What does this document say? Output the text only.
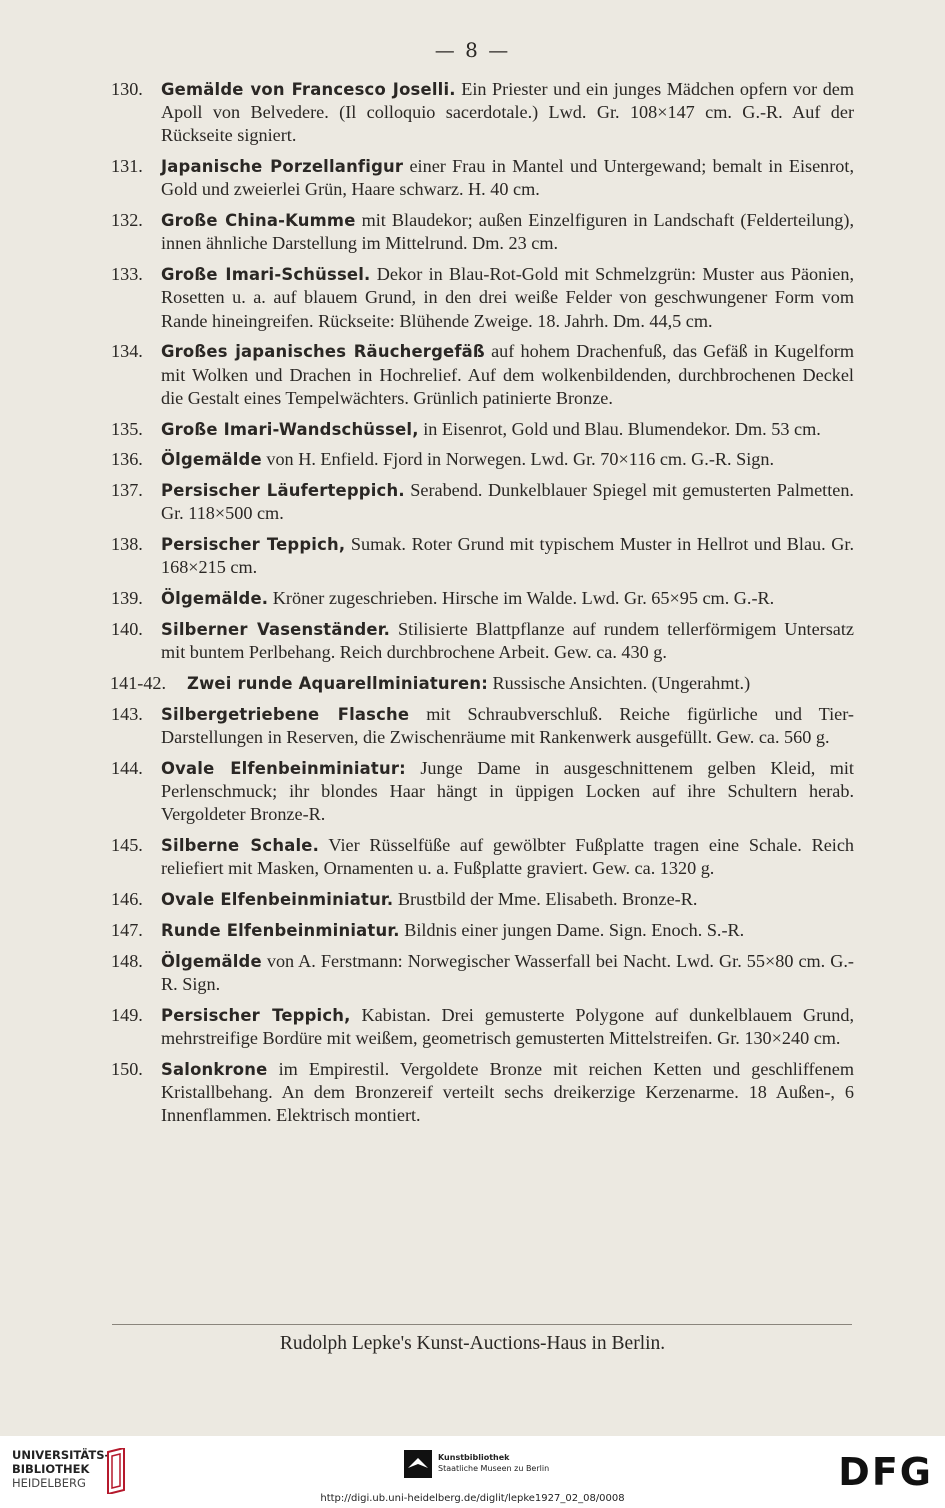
— 8 —
130. Gemälde von Francesco Joselli. Ein Priester und ein junges Mädchen opfern vor dem Apoll von Belvedere. (Il colloquio sacerdotale.) Lwd. Gr. 108×147 cm. G.-R. Auf der Rückseite signiert.
131. Japanische Porzellanfigur einer Frau in Mantel und Untergewand; bemalt in Eisenrot, Gold und zweierlei Grün, Haare schwarz. H. 40 cm.
132. Große China-Kumme mit Blaudekor; außen Einzelfiguren in Landschaft (Felderteilung), innen ähnliche Darstellung im Mittelrund. Dm. 23 cm.
133. Große Imari-Schüssel. Dekor in Blau-Rot-Gold mit Schmelzgrün: Muster aus Päonien, Rosetten u. a. auf blauem Grund, in den drei weiße Felder von geschwungener Form vom Rande hineingreifen. Rückseite: Blühende Zweige. 18. Jahrh. Dm. 44,5 cm.
134. Großes japanisches Räuchergefäß auf hohem Drachenfuß, das Gefäß in Kugelform mit Wolken und Drachen in Hochrelief. Auf dem wolkenbildenden, durchbrochenen Deckel die Gestalt eines Tempelwächters. Grünlich patinierte Bronze.
135. Große Imari-Wandschüssel, in Eisenrot, Gold und Blau. Blumendekor. Dm. 53 cm.
136. Ölgemälde von H. Enfield. Fjord in Norwegen. Lwd. Gr. 70×116 cm. G.-R. Sign.
137. Persischer Läuferteppich. Serabend. Dunkelblauer Spiegel mit gemusterten Palmetten. Gr. 118×500 cm.
138. Persischer Teppich, Sumak. Roter Grund mit typischem Muster in Hellrot und Blau. Gr. 168×215 cm.
139. Ölgemälde. Kröner zugeschrieben. Hirsche im Walde. Lwd. Gr. 65×95 cm. G.-R.
140. Silberner Vasenständer. Stilisierte Blattpflanze auf rundem tellerförmigem Untersatz mit buntem Perlbehang. Reich durchbrochene Arbeit. Gew. ca. 430 g.
141-42. Zwei runde Aquarellminiaturen: Russische Ansichten. (Ungerahmt.)
143. Silbergetriebene Flasche mit Schraubverschluß. Reiche figürliche und Tier-Darstellungen in Reserven, die Zwischenräume mit Rankenwerk ausgefüllt. Gew. ca. 560 g.
144. Ovale Elfenbeinminiatur: Junge Dame in ausgeschnittenem gelben Kleid, mit Perlenschmuck; ihr blondes Haar hängt in üppigen Locken auf ihre Schultern herab. Vergoldeter Bronze-R.
145. Silberne Schale. Vier Rüsselfüße auf gewölbter Fußplatte tragen eine Schale. Reich reliefiert mit Masken, Ornamenten u. a. Fußplatte graviert. Gew. ca. 1320 g.
146. Ovale Elfenbeinminiatur. Brustbild der Mme. Elisabeth. Bronze-R.
147. Runde Elfenbeinminiatur. Bildnis einer jungen Dame. Sign. Enoch. S.-R.
148. Ölgemälde von A. Ferstmann: Norwegischer Wasserfall bei Nacht. Lwd. Gr. 55×80 cm. G.-R. Sign.
149. Persischer Teppich, Kabistan. Drei gemusterte Polygone auf dunkelblauem Grund, mehrstreifige Bordüre mit weißem, geometrisch gemusterten Mittelstreifen. Gr. 130×240 cm.
150. Salonkrone im Empirestil. Vergoldete Bronze mit reichen Ketten und geschliffenem Kristallbehang. An dem Bronzereif verteilt sechs dreikerzige Kerzenarme. 18 Außen-, 6 Innenflammen. Elektrisch montiert.
Rudolph Lepke's Kunst-Auctions-Haus in Berlin.
UNIVERSITÄTS-
BIBLIOTHEK
HEIDELBERG
Kunstbibliothek
Staatliche Museen zu Berlin	DFG
http://digi.ub.uni-heidelberg.de/diglit/lepke1927_02_08/0008
